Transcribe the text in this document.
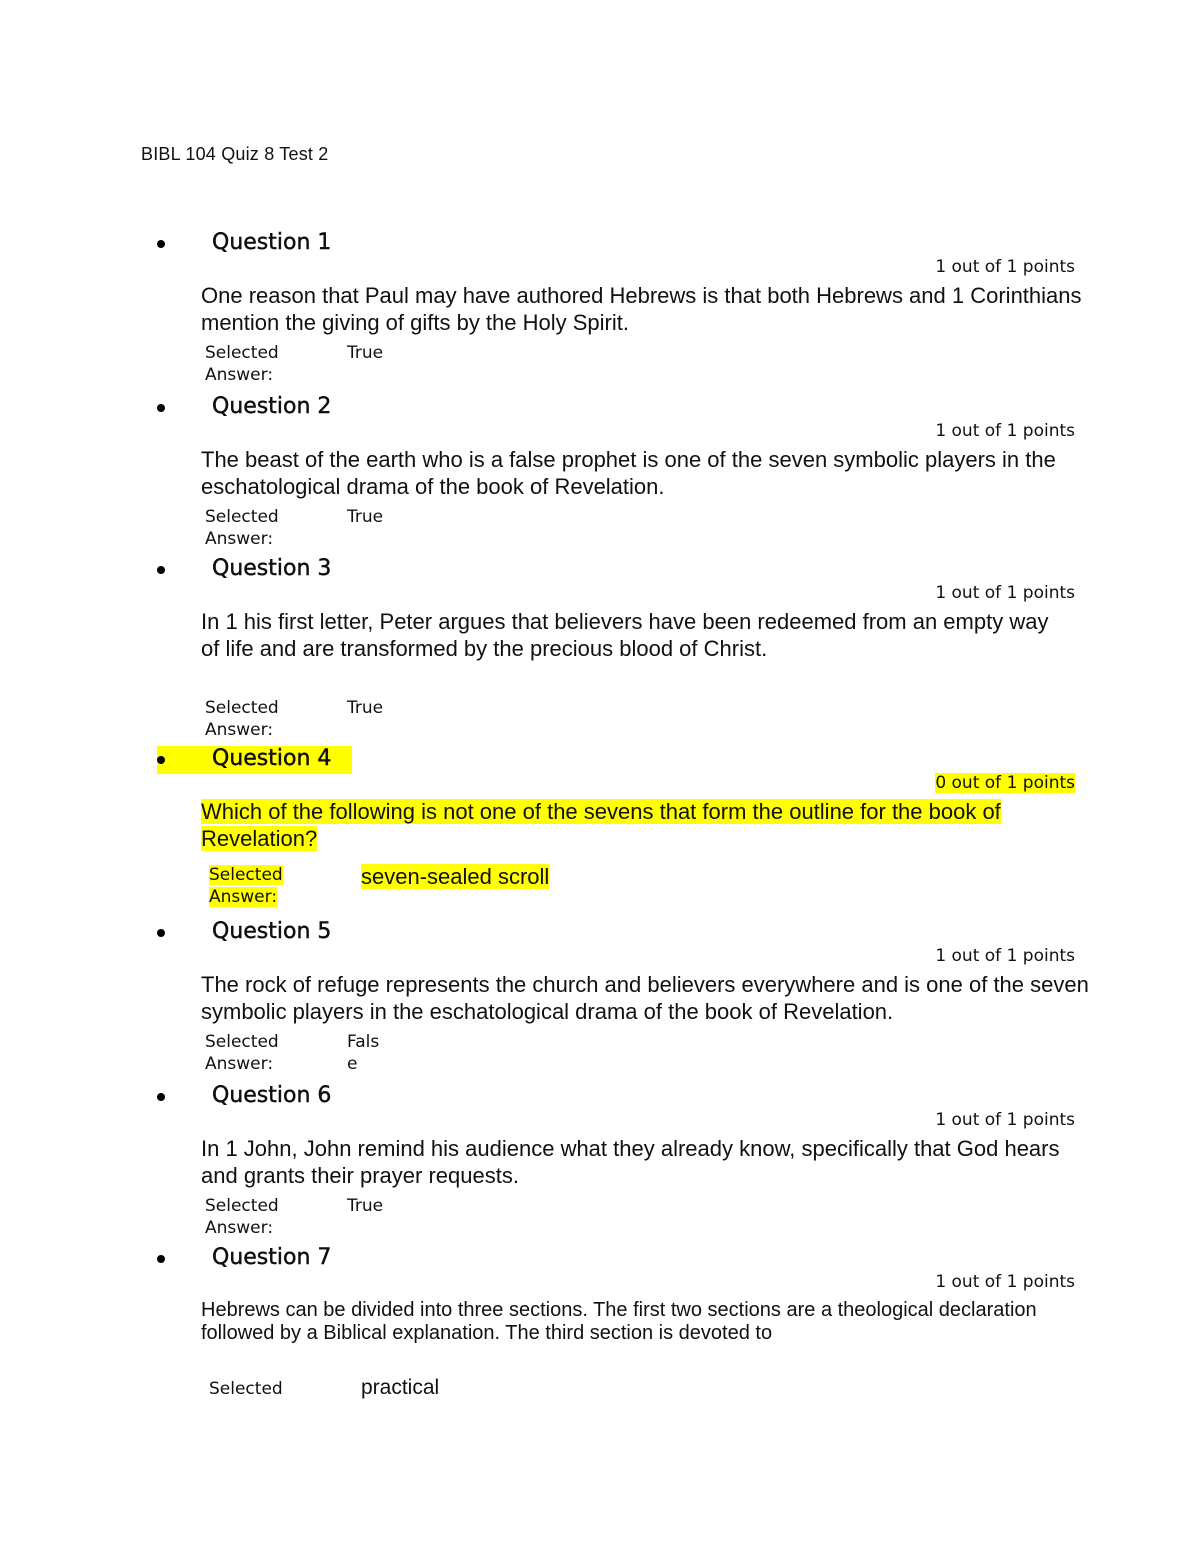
BIBL 104 Quiz 8 Test 2
Question 1
1 out of 1 points
One reason that Paul may have authored Hebrews is that both Hebrews and 1 Corinthians mention the giving of gifts by the Holy Spirit.
Selected
Answer:
True
Question 2
1 out of 1 points
The beast of the earth who is a false prophet is one of the seven symbolic players in the eschatological drama of the book of Revelation.
Selected
Answer:
True
Question 3
1 out of 1 points
In 1 his first letter, Peter argues that believers have been redeemed from an empty way
of life and are transformed by the precious blood of Christ.
Selected
Answer:
True
Question 4
0 out of 1 points
Which of the following is not one of the sevens that form the outline for the book of Revelation?
Selected
Answer:
seven-sealed scroll
Question 5
1 out of 1 points
The rock of refuge represents the church and believers everywhere and is one of the seven symbolic players in the eschatological drama of the book of Revelation.
Selected
Answer:
False
Question 6
1 out of 1 points
In 1 John, John remind his audience what they already know, specifically that God hears and grants their prayer requests.
Selected
Answer:
True
Question 7
1 out of 1 points
Hebrews can be divided into three sections. The first two sections are a theological declaration followed by a Biblical explanation. The third section is devoted to
Selected	practical
